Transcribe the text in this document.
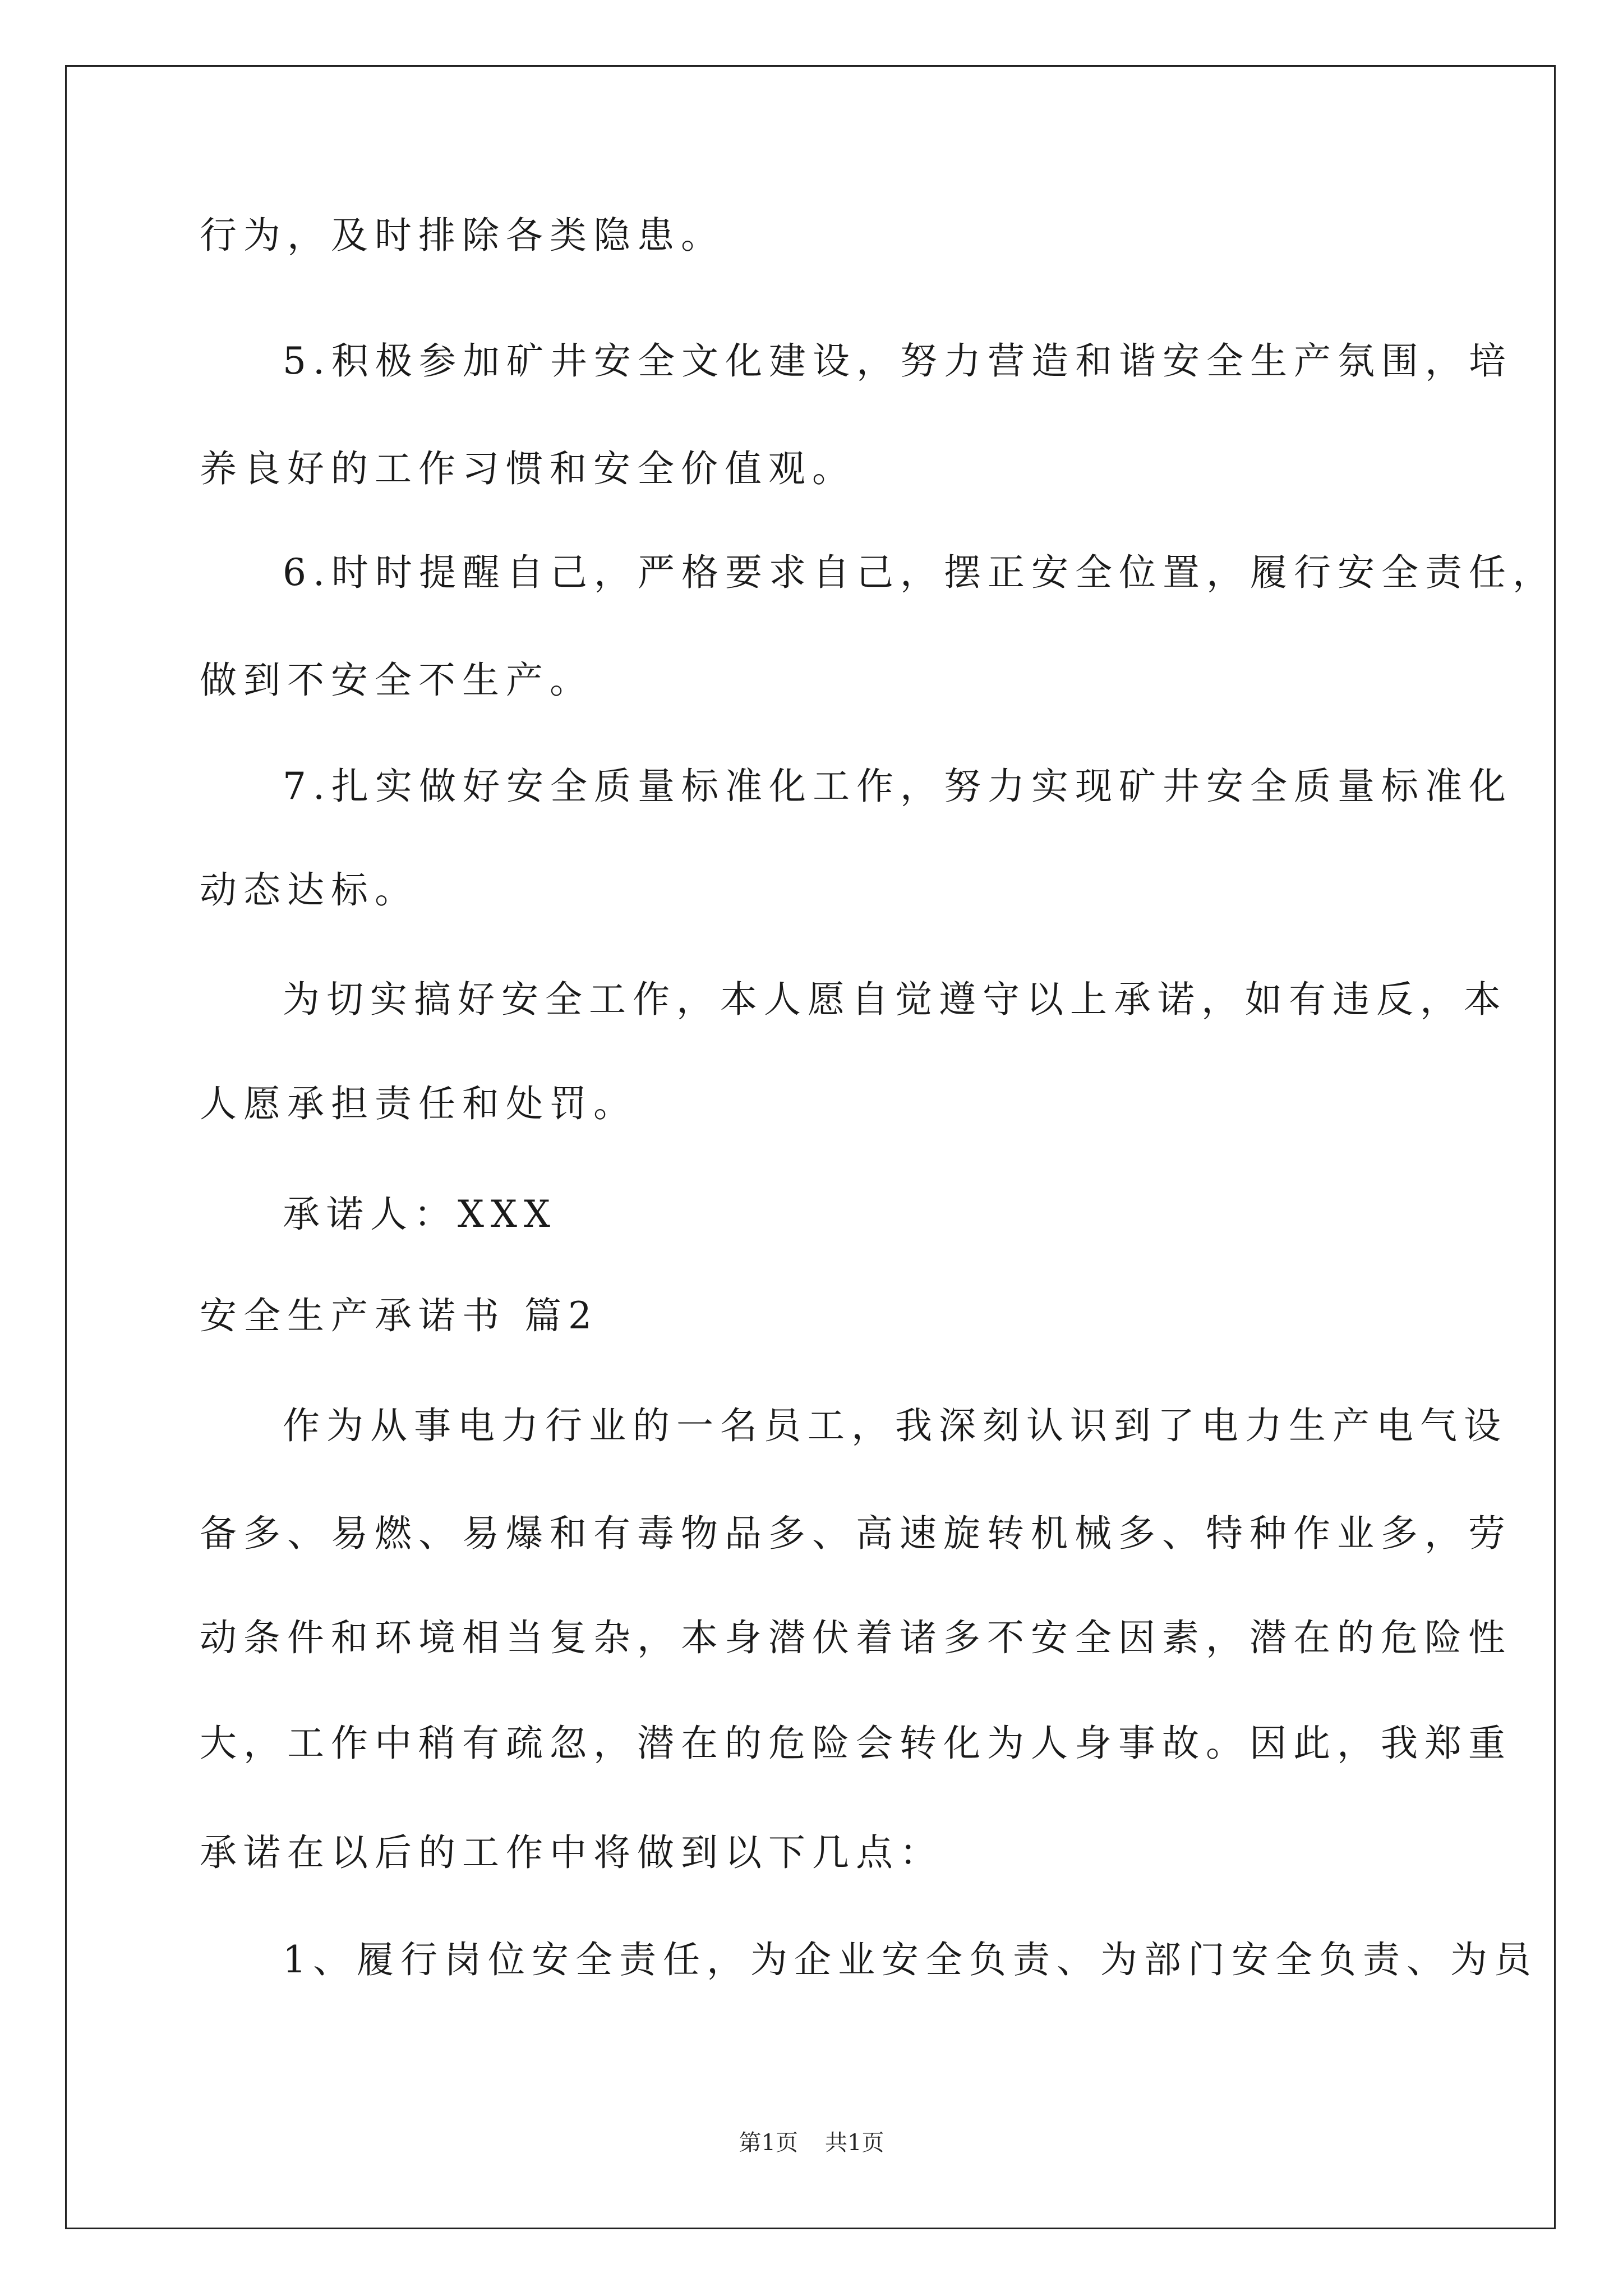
行为，及时排除各类隐患。
5.积极参加矿井安全文化建设，努力营造和谐安全生产氛围，培
养良好的工作习惯和安全价值观。
6.时时提醒自己，严格要求自己，摆正安全位置，履行安全责任，
做到不安全不生产。
7.扎实做好安全质量标准化工作，努力实现矿井安全质量标准化
动态达标。
为切实搞好安全工作，本人愿自觉遵守以上承诺，如有违反，本
人愿承担责任和处罚。
承诺人：XXX
安全生产承诺书 篇2
作为从事电力行业的一名员工，我深刻认识到了电力生产电气设
备多、易燃、易爆和有毒物品多、高速旋转机械多、特种作业多，劳
动条件和环境相当复杂，本身潜伏着诸多不安全因素，潜在的危险性
大，工作中稍有疏忽，潜在的危险会转化为人身事故。因此，我郑重
承诺在以后的工作中将做到以下几点：
1、履行岗位安全责任，为企业安全负责、为部门安全负责、为员
第1页 共1页
